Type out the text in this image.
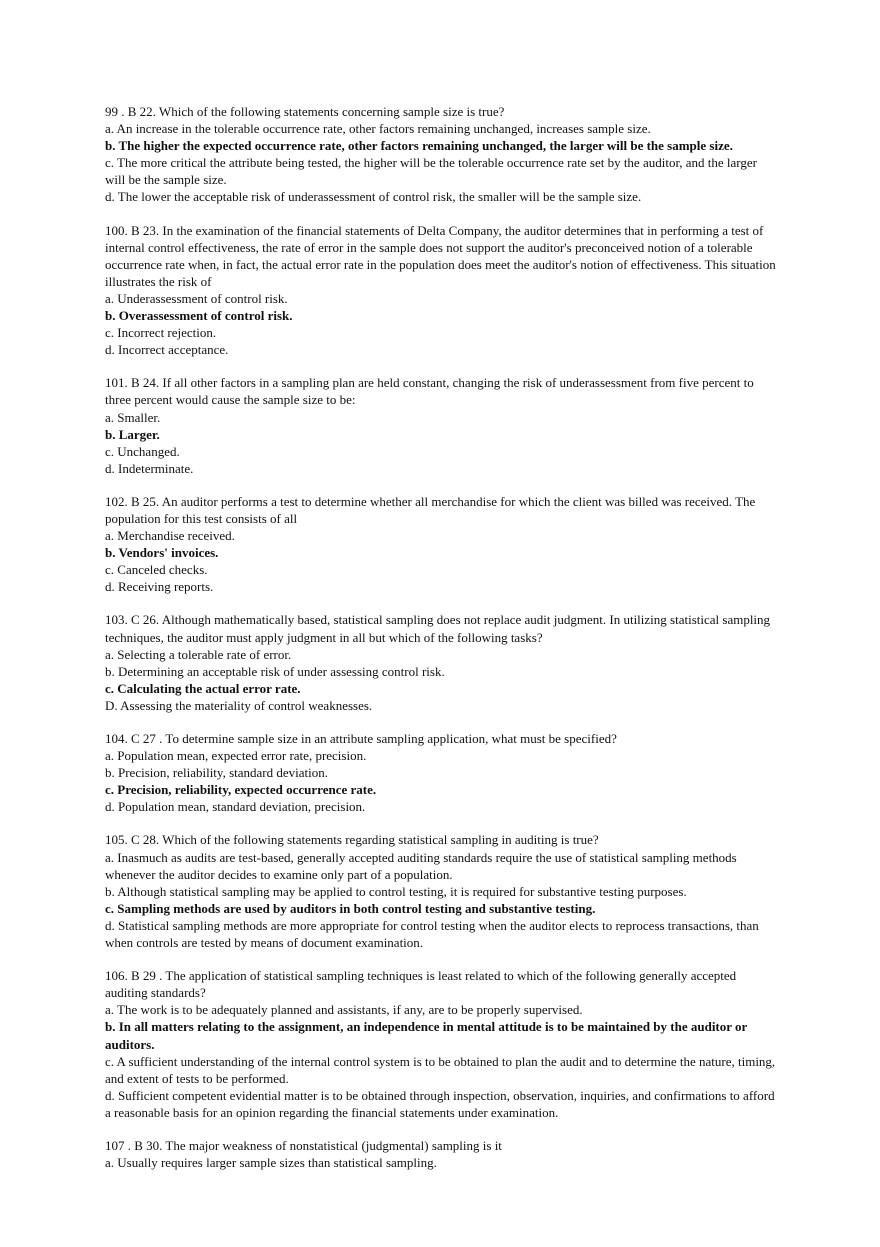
99 . B 22. Which of the following statements concerning sample size is true?

a. An increase in the tolerable occurrence rate, other factors remaining unchanged, increases sample size.

b. The higher the expected occurrence rate, other factors remaining unchanged, the larger will be the sample size.

c. The more critical the attribute being tested, the higher will be the tolerable occurrence rate set by the auditor, and the larger will be the sample size.

d. The lower the acceptable risk of underassessment of control risk, the smaller will be the sample size.

100. B 23. In the examination of the financial statements of Delta Company, the auditor determines that in performing a test of internal control effectiveness, the rate of error in the sample does not support the auditor's preconceived notion of a tolerable occurrence rate when, in fact, the actual error rate in the population does meet the auditor's notion of effectiveness. This situation illustrates the risk of

a. Underassessment of control risk.

b. Overassessment of control risk.

c. Incorrect rejection.

d. Incorrect acceptance.

101. B 24. If all other factors in a sampling plan are held constant, changing the risk of underassessment from five percent to three percent would cause the sample size to be:

a. Smaller.

b. Larger.

c. Unchanged.

d. Indeterminate.

102. B 25. An auditor performs a test to determine whether all merchandise for which the client was billed was received. The population for this test consists of all

a. Merchandise received.

b. Vendors' invoices.

c. Canceled checks.

d. Receiving reports.

103. C 26. Although mathematically based, statistical sampling does not replace audit judgment. In utilizing statistical sampling techniques, the auditor must apply judgment in all but which of the following tasks?

a. Selecting a tolerable rate of error.

b. Determining an acceptable risk of under assessing control risk.

c. Calculating the actual error rate.

D. Assessing the materiality of control weaknesses.

104. C 27 . To determine sample size in an attribute sampling application, what must be specified?

a. Population mean, expected error rate, precision.

b. Precision, reliability, standard deviation.

c. Precision, reliability, expected occurrence rate.

d. Population mean, standard deviation, precision.

105. C 28. Which of the following statements regarding statistical sampling in auditing is true?

a. Inasmuch as audits are test-based, generally accepted auditing standards require the use of statistical sampling methods whenever the auditor decides to examine only part of a population.

b. Although statistical sampling may be applied to control testing, it is required for substantive testing purposes.

c. Sampling methods are used by auditors in both control testing and substantive testing.

d. Statistical sampling methods are more appropriate for control testing when the auditor elects to reprocess transactions, than when controls are tested by means of document examination.

106. B 29 . The application of statistical sampling techniques is least related to which of the following generally accepted auditing standards?

a. The work is to be adequately planned and assistants, if any, are to be properly supervised.

b. In all matters relating to the assignment, an independence in mental attitude is to be maintained by the auditor or auditors.

c. A sufficient understanding of the internal control system is to be obtained to plan the audit and to determine the nature, timing, and extent of tests to be performed.

d. Sufficient competent evidential matter is to be obtained through inspection, observation, inquiries, and confirmations to afford a reasonable basis for an opinion regarding the financial statements under examination.

107 . B 30. The major weakness of nonstatistical (judgmental) sampling is it

a. Usually requires larger sample sizes than statistical sampling.
